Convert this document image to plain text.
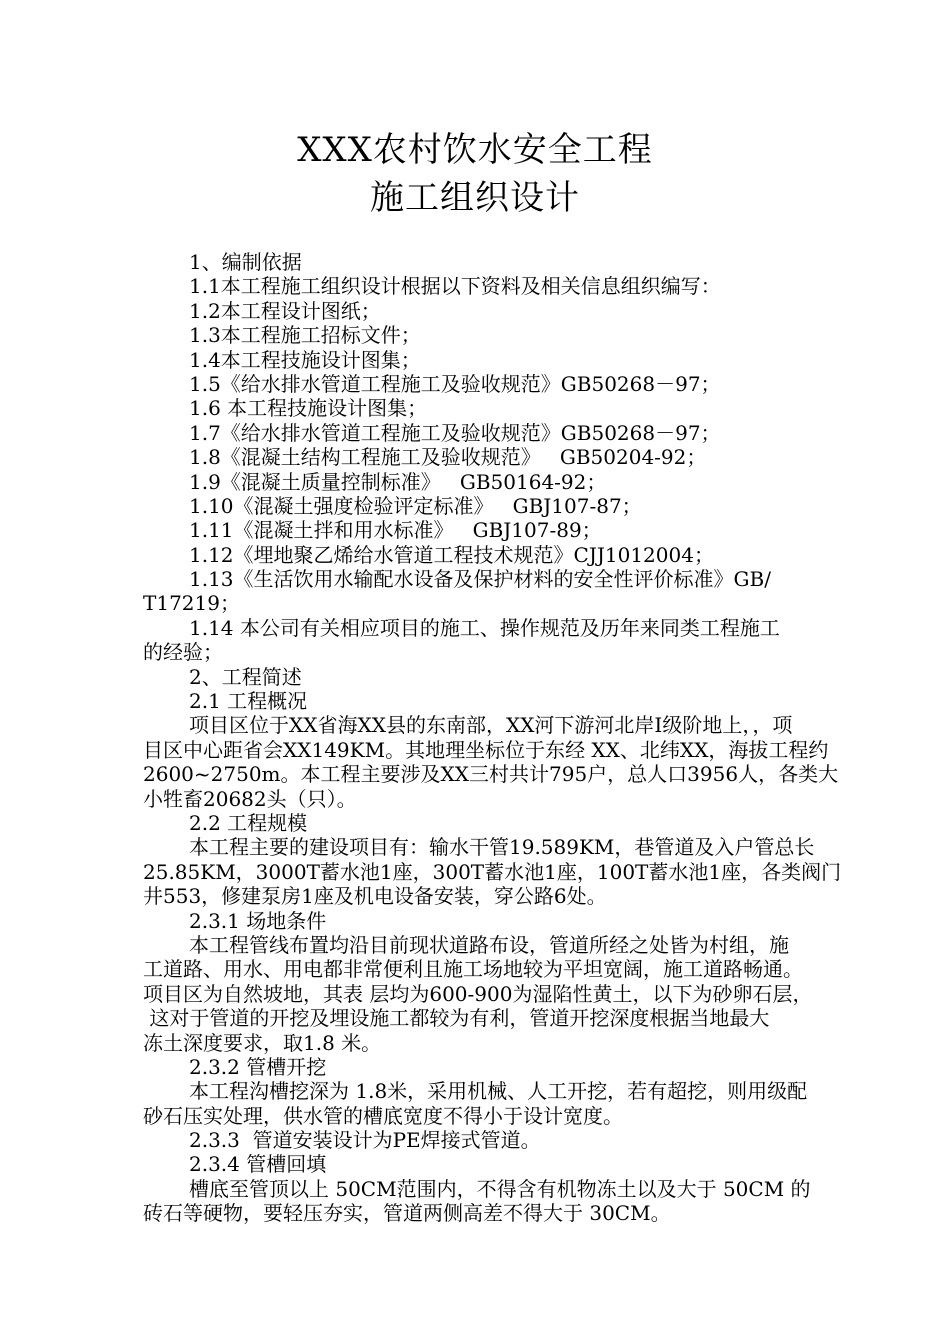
XXX农村饮水安全工程
施工组织设计
1、编制依据
1.1本工程施工组织设计根据以下资料及相关信息组织编写：
1.2本工程设计图纸；
1.3本工程施工招标文件；
1.4本工程技施设计图集；
1.5《给水排水管道工程施工及验收规范》GB50268－97；
1.6 本工程技施设计图集；
1.7《给水排水管道工程施工及验收规范》GB50268－97；
1.8《混凝土结构工程施工及验收规范》   GB50204-92；
1.9《混凝土质量控制标准》   GB50164-92；
1.10《混凝土强度检验评定标准》   GBJ107-87；
1.11《混凝土拌和用水标准》   GBJ107-89；
1.12《埋地聚乙烯给水管道工程技术规范》CJJ1012004；
1.13《生活饮用水输配水设备及保护材料的安全性评价标准》GB/
T17219；
1.14 本公司有关相应项目的施工、操作规范及历年来同类工程施工
的经验；
2、工程简述
2.1 工程概况
项目区位于XX省海XX县的东南部，XX河下游河北岸Ⅰ级阶地上，，项
目区中心距省会XX149KM。其地理坐标位于东经 XX、北纬XX，海拔工程约
2600~2750m。本工程主要涉及XX三村共计795户，总人口3956人，各类大
小牲畜20682头（只）。
2.2 工程规模
本工程主要的建设项目有：输水干管19.589KM，巷管道及入户管总长
25.85KM，3000T蓄水池1座，300T蓄水池1座，100T蓄水池1座，各类阀门
井553，修建泵房1座及机电设备安装，穿公路6处。
2.3.1 场地条件
本工程管线布置均沿目前现状道路布设，管道所经之处皆为村组，施
工道路、用水、用电都非常便利且施工场地较为平坦宽阔，施工道路畅通。
项目区为自然坡地，其表 层均为600-900为湿陷性黄土，以下为砂卵石层，
这对于管道的开挖及埋设施工都较为有利，管道开挖深度根据当地最大
冻土深度要求，取1.8 米。
2.3.2 管槽开挖
本工程沟槽挖深为 1.8米，采用机械、人工开挖，若有超挖，则用级配
砂石压实处理，供水管的槽底宽度不得小于设计宽度。
2.3.3  管道安装设计为PE焊接式管道。
2.3.4 管槽回填
槽底至管顶以上 50CM范围内，不得含有机物冻土以及大于 50CM 的
砖石等硬物，要轻压夯实，管道两侧高差不得大于 30CM。
